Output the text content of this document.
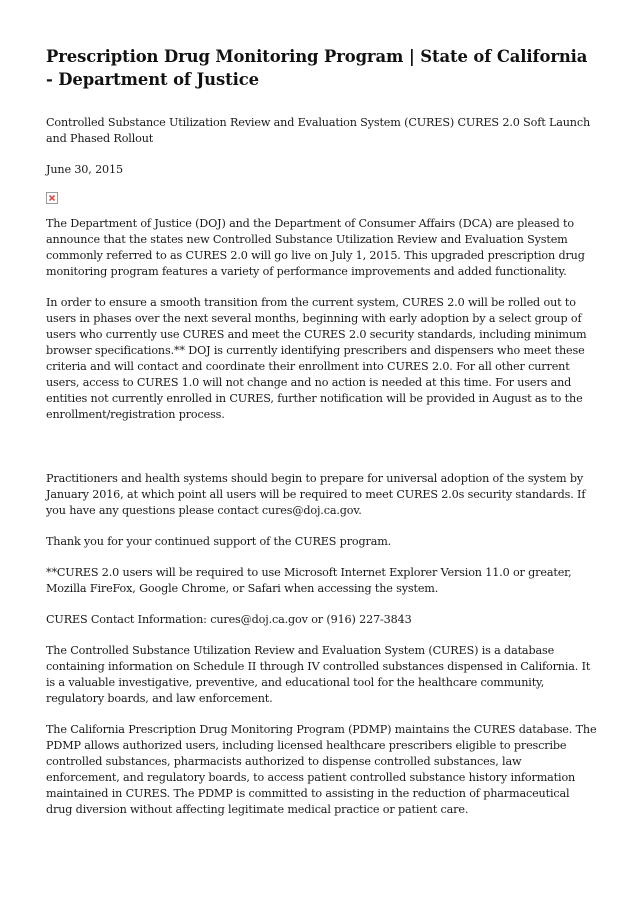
Prescription Drug Monitoring Program | State of California - Department of Justice

Controlled Substance Utilization Review and Evaluation System (CURES) CURES 2.0 Soft Launch and Phased Rollout

June 30, 2015

The Department of Justice (DOJ) and the Department of Consumer Affairs (DCA) are pleased to announce that the states new Controlled Substance Utilization Review and Evaluation System commonly referred to as CURES 2.0 will go live on July 1, 2015. This upgraded prescription drug monitoring program features a variety of performance improvements and added functionality.

In order to ensure a smooth transition from the current system, CURES 2.0 will be rolled out to users in phases over the next several months, beginning with early adoption by a select group of users who currently use CURES and meet the CURES 2.0 security standards, including minimum browser specifications.** DOJ is currently identifying prescribers and dispensers who meet these criteria and will contact and coordinate their enrollment into CURES 2.0. For all other current users, access to CURES 1.0 will not change and no action is needed at this time. For users and entities not currently enrolled in CURES, further notification will be provided in August as to the enrollment/registration process.

Practitioners and health systems should begin to prepare for universal adoption of the system by January 2016, at which point all users will be required to meet CURES 2.0s security standards. If you have any questions please contact cures@doj.ca.gov.

Thank you for your continued support of the CURES program.

**CURES 2.0 users will be required to use Microsoft Internet Explorer Version 11.0 or greater, Mozilla FireFox, Google Chrome, or Safari when accessing the system.

CURES Contact Information: cures@doj.ca.gov or (916) 227-3843

The Controlled Substance Utilization Review and Evaluation System (CURES) is a database containing information on Schedule II through IV controlled substances dispensed in California. It is a valuable investigative, preventive, and educational tool for the healthcare community, regulatory boards, and law enforcement.

The California Prescription Drug Monitoring Program (PDMP) maintains the CURES database. The PDMP allows authorized users, including licensed healthcare prescribers eligible to prescribe controlled substances, pharmacists authorized to dispense controlled substances, law enforcement, and regulatory boards, to access patient controlled substance history information maintained in CURES. The PDMP is committed to assisting in the reduction of pharmaceutical drug diversion without affecting legitimate medical practice or patient care.
